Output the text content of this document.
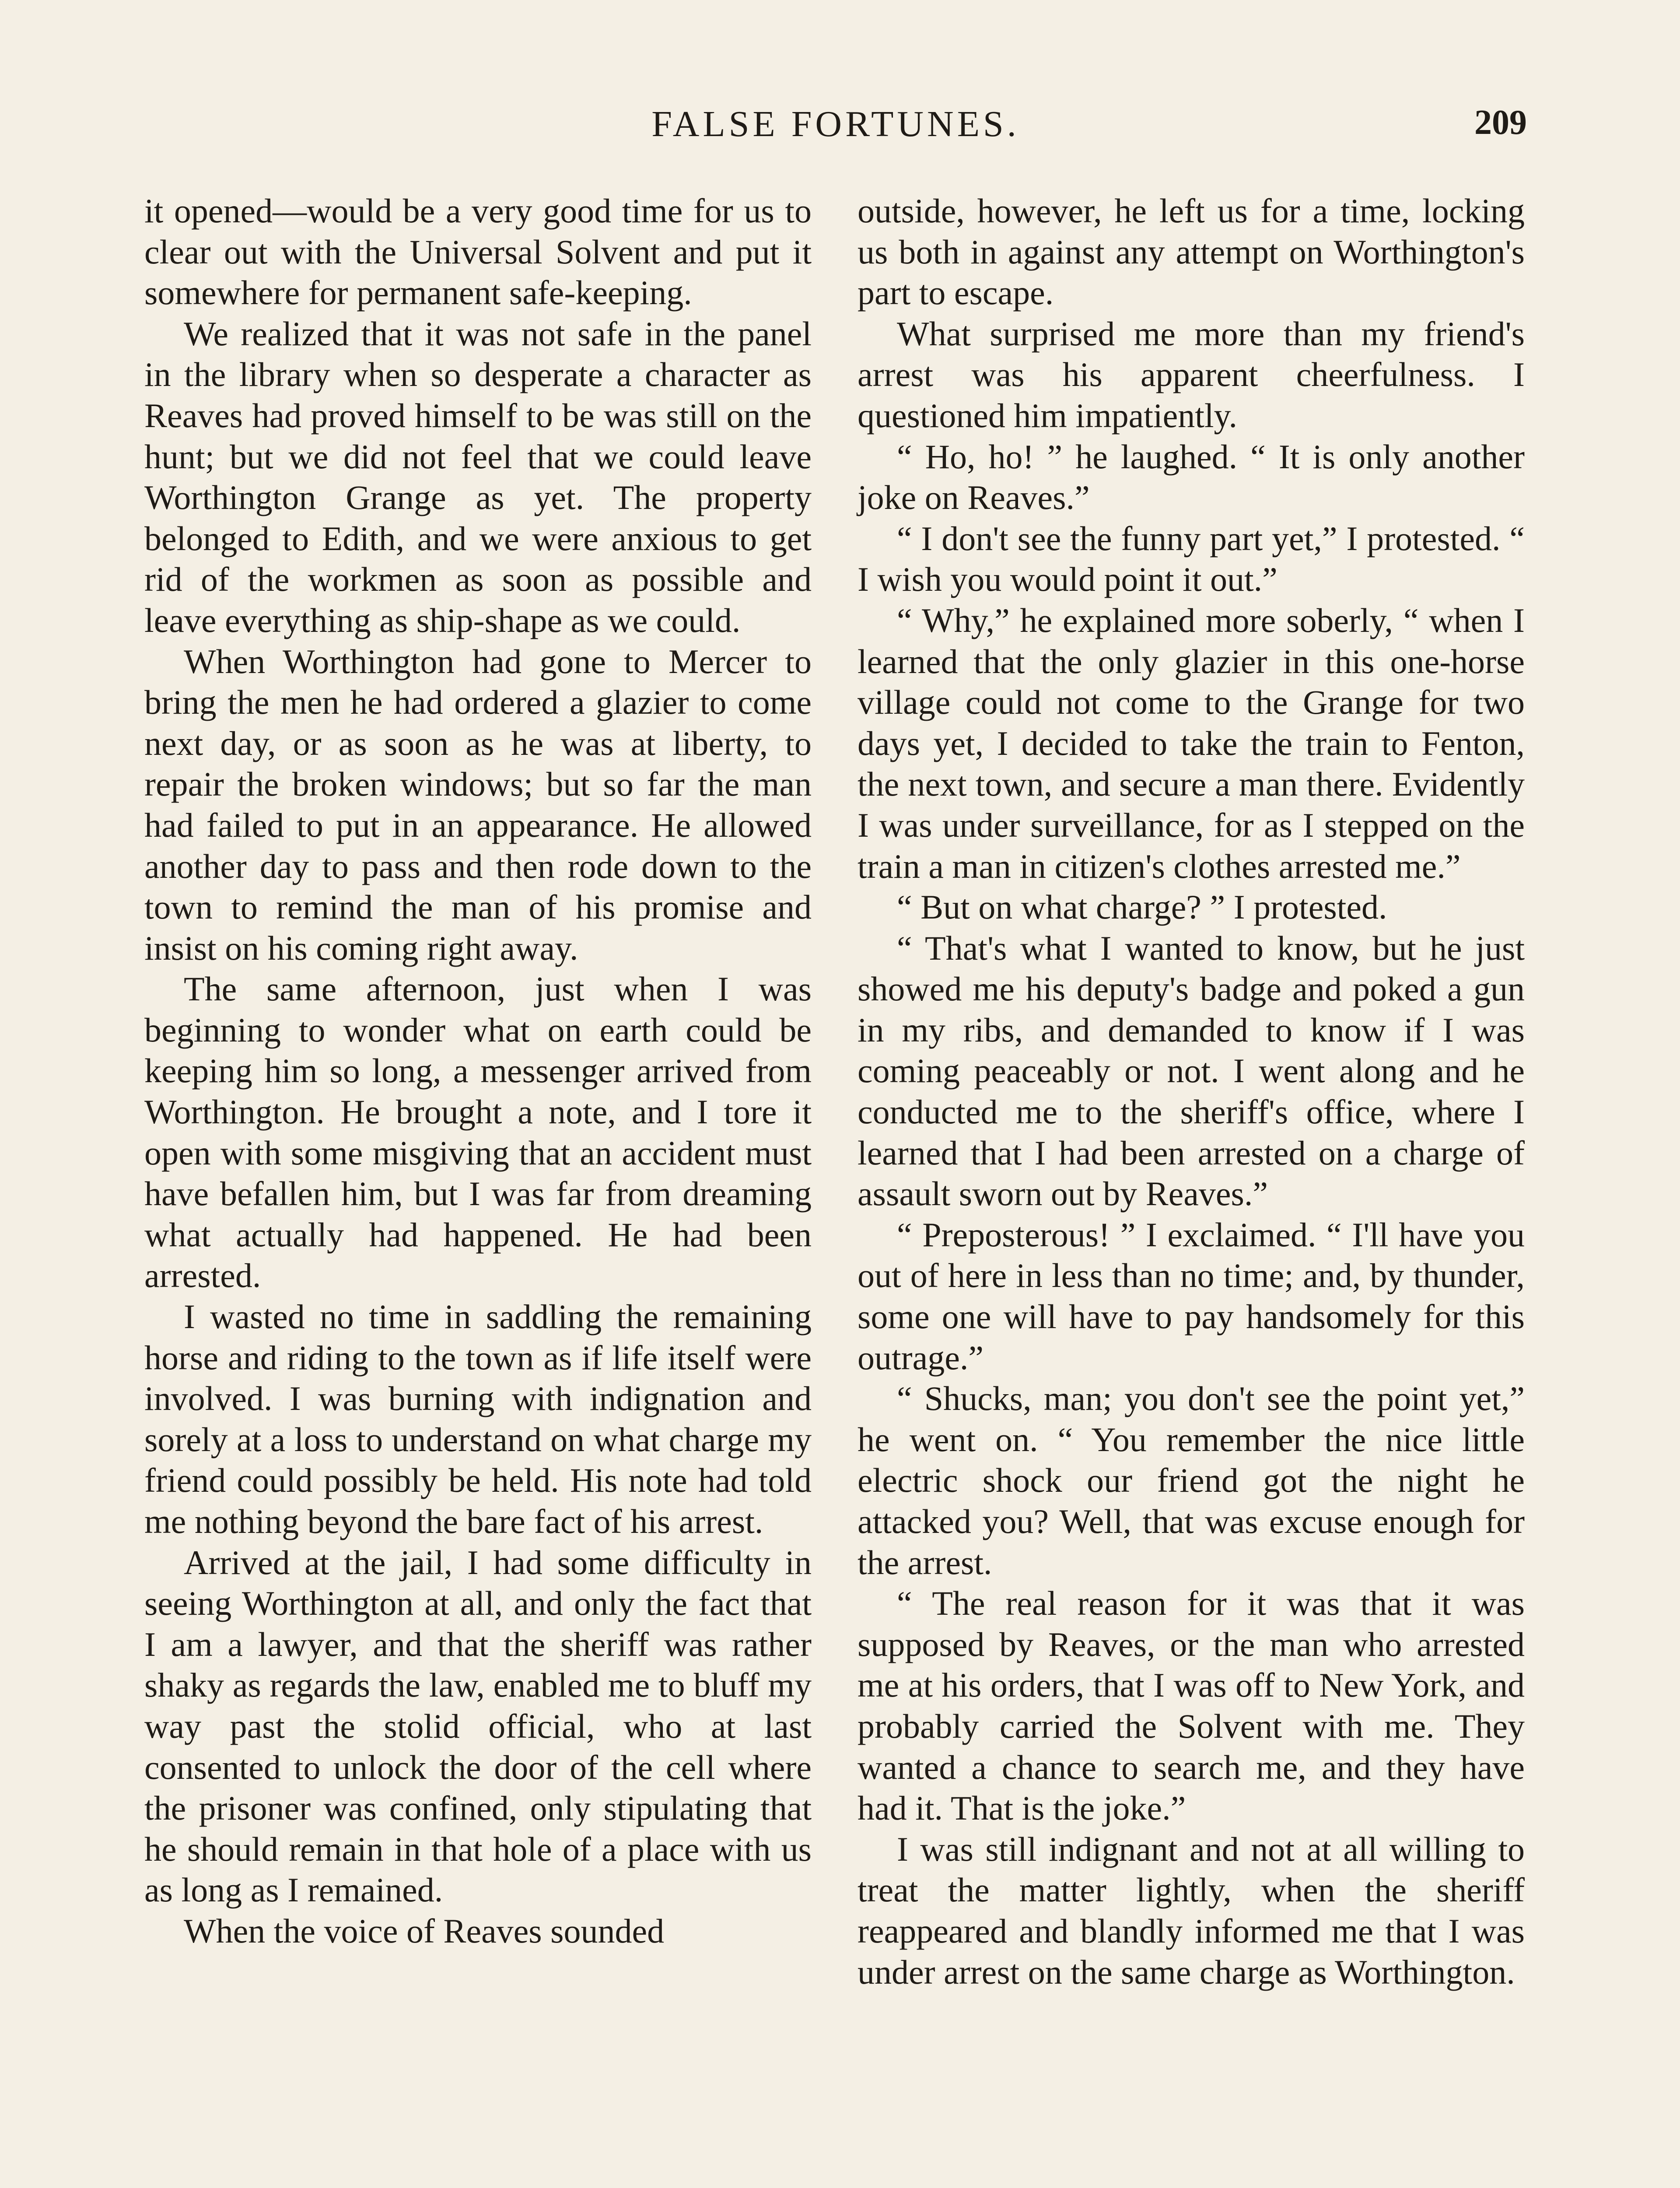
FALSE FORTUNES.	209

it opened—would be a very good time for us to clear out with the Universal Solvent and put it somewhere for permanent safe-keeping.

We realized that it was not safe in the panel in the library when so desperate a character as Reaves had proved himself to be was still on the hunt; but we did not feel that we could leave Worthington Grange as yet. The property belonged to Edith, and we were anxious to get rid of the workmen as soon as possible and leave everything as ship-shape as we could.

When Worthington had gone to Mercer to bring the men he had ordered a glazier to come next day, or as soon as he was at liberty, to repair the broken windows; but so far the man had failed to put in an appearance. He allowed another day to pass and then rode down to the town to remind the man of his promise and insist on his coming right away.

The same afternoon, just when I was beginning to wonder what on earth could be keeping him so long, a messenger arrived from Worthington. He brought a note, and I tore it open with some misgiving that an accident must have befallen him, but I was far from dreaming what actually had happened. He had been arrested.

I wasted no time in saddling the remaining horse and riding to the town as if life itself were involved. I was burning with indignation and sorely at a loss to understand on what charge my friend could possibly be held. His note had told me nothing beyond the bare fact of his arrest.

Arrived at the jail, I had some difficulty in seeing Worthington at all, and only the fact that I am a lawyer, and that the sheriff was rather shaky as regards the law, enabled me to bluff my way past the stolid official, who at last consented to unlock the door of the cell where the prisoner was confined, only stipulating that he should remain in that hole of a place with us as long as I remained.

When the voice of Reaves sounded

outside, however, he left us for a time, locking us both in against any attempt on Worthington's part to escape.

What surprised me more than my friend's arrest was his apparent cheerfulness. I questioned him impatiently.

“ Ho, ho! ” he laughed. “ It is only another joke on Reaves.”

“ I don't see the funny part yet,” I protested. “ I wish you would point it out.”

“ Why,” he explained more soberly, “ when I learned that the only glazier in this one-horse village could not come to the Grange for two days yet, I decided to take the train to Fenton, the next town, and secure a man there. Evidently I was under surveillance, for as I stepped on the train a man in citizen's clothes arrested me.”

“ But on what charge? ” I protested.

“ That's what I wanted to know, but he just showed me his deputy's badge and poked a gun in my ribs, and demanded to know if I was coming peaceably or not. I went along and he conducted me to the sheriff's office, where I learned that I had been arrested on a charge of assault sworn out by Reaves.”

“ Preposterous! ” I exclaimed. “ I'll have you out of here in less than no time; and, by thunder, some one will have to pay handsomely for this outrage.”

“ Shucks, man; you don't see the point yet,” he went on. “ You remember the nice little electric shock our friend got the night he attacked you? Well, that was excuse enough for the arrest.

“ The real reason for it was that it was supposed by Reaves, or the man who arrested me at his orders, that I was off to New York, and probably carried the Solvent with me. They wanted a chance to search me, and they have had it. That is the joke.”

I was still indignant and not at all willing to treat the matter lightly, when the sheriff reappeared and blandly informed me that I was under arrest on the same charge as Worthington.
